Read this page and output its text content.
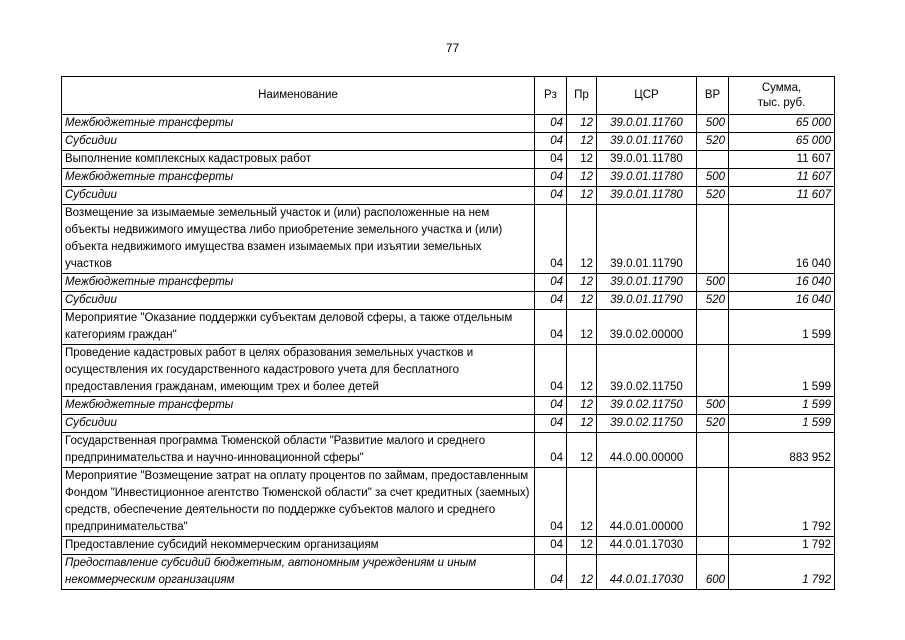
77
Наименование	Рз	Пр	ЦСР	ВР	Сумма,
тыс. руб.
Межбюджетные трансферты	04	12	39.0.01.11760	500	65 000
Субсидии	04	12	39.0.01.11760	520	65 000
Выполнение комплексных кадастровых работ	04	12	39.0.01.11780		11 607
Межбюджетные трансферты	04	12	39.0.01.11780	500	11 607
Субсидии	04	12	39.0.01.11780	520	11 607
Возмещение за изымаемые земельный участок и (или) расположенные на нем объекты недвижимого имущества либо приобретение земельного участка и (или) объекта недвижимого имущества взамен изымаемых при изъятии земельных участков	04	12	39.0.01.11790		16 040
Межбюджетные трансферты	04	12	39.0.01.11790	500	16 040
Субсидии	04	12	39.0.01.11790	520	16 040
Мероприятие "Оказание поддержки субъектам деловой сферы, а также отдельным категориям граждан"	04	12	39.0.02.00000		1 599
Проведение кадастровых работ в целях образования земельных участков и осуществления их государственного кадастрового учета для бесплатного предоставления гражданам, имеющим трех и более детей	04	12	39.0.02.11750		1 599
Межбюджетные трансферты	04	12	39.0.02.11750	500	1 599
Субсидии	04	12	39.0.02.11750	520	1 599
Государственная программа Тюменской области "Развитие малого и среднего предпринимательства и научно-инновационной сферы"	04	12	44.0.00.00000		883 952
Мероприятие "Возмещение затрат на оплату процентов по займам, предоставленным Фондом "Инвестиционное агентство Тюменской области" за счет кредитных (заемных) средств, обеспечение деятельности по поддержке субъектов малого и среднего предпринимательства"	04	12	44.0.01.00000		1 792
Предоставление субсидий некоммерческим организациям	04	12	44.0.01.17030		1 792
Предоставление субсидий бюджетным, автономным учреждениям и иным некоммерческим организациям	04	12	44.0.01.17030	600	1 792
